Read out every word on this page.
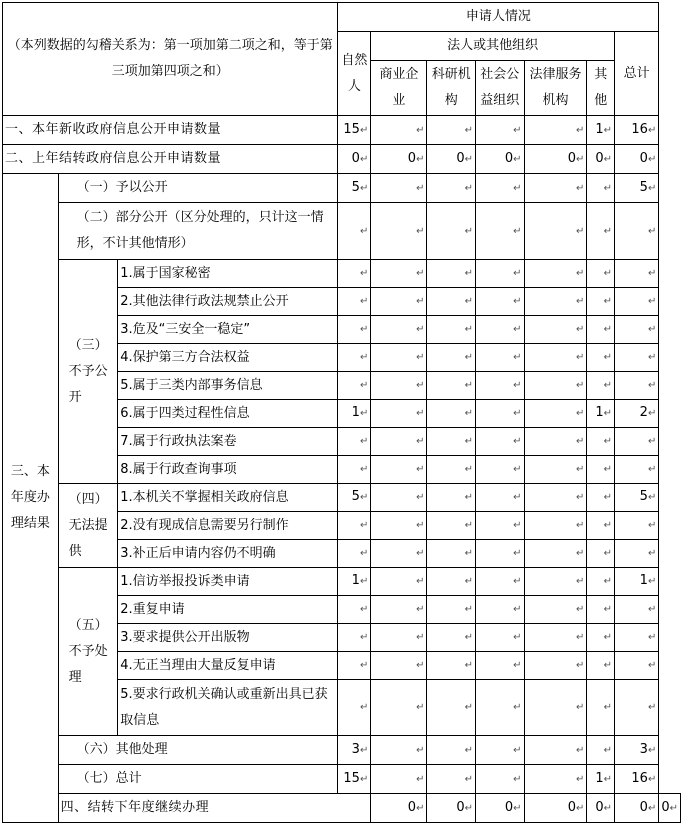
（本列数据的勾稽关系为：第一项加第二项之和，等于第三项加第四项之和）			申请人情况							
			自然人	法人或其他组织					总计	
				商业企业	科研机构	社会公益组织	法律服务机构	其他		
一、本年新收政府信息公开申请数量			15↵	↵	↵	↵	↵	1↵	16↵	
二、上年结转政府信息公开申请数量			0↵	0↵	0↵	0↵	0↵	0↵	0↵	
三、本年度办理结果	（一）予以公开		5↵	↵	↵	↵	↵	↵	5↵	
	（二）部分公开（区分处理的，只计这一情形，不计其他情形）		↵	↵	↵	↵	↵	↵	↵	
	（三）不予公开	1.属于国家秘密	↵	↵	↵	↵	↵	↵	↵	
		2.其他法律行政法规禁止公开	↵	↵	↵	↵	↵	↵	↵	
		3.危及“三安全一稳定”	↵	↵	↵	↵	↵	↵	↵	
		4.保护第三方合法权益	↵	↵	↵	↵	↵	↵	↵	
		5.属于三类内部事务信息	↵	↵	↵	↵	↵	↵	↵	
		6.属于四类过程性信息	1↵	↵	↵	↵	↵	1↵	2↵	
		7.属于行政执法案卷	↵	↵	↵	↵	↵	↵	↵	
		8.属于行政查询事项	↵	↵	↵	↵	↵	↵	↵	
	（四）无法提供	1.本机关不掌握相关政府信息	5↵	↵	↵	↵	↵	↵	5↵	
		2.没有现成信息需要另行制作	↵	↵	↵	↵	↵	↵	↵	
		3.补正后申请内容仍不明确	↵	↵	↵	↵	↵	↵	↵	
	（五）不予处理	1.信访举报投诉类申请	1↵	↵	↵	↵	↵	↵	1↵	
		2.重复申请	↵	↵	↵	↵	↵	↵	↵	
		3.要求提供公开出版物	↵	↵	↵	↵	↵	↵	↵	
		4.无正当理由大量反复申请	↵	↵	↵	↵	↵	↵	↵	
		5.要求行政机关确认或重新出具已获取信息	↵	↵	↵	↵	↵	↵	↵	
	（六）其他处理		3↵	↵	↵	↵	↵	↵	3↵	
	（七）总计		15↵	↵	↵	↵	↵	1↵	16↵	
	四、结转下年度继续办理			0↵	0↵	0↵	0↵	0↵	0↵	0↵
